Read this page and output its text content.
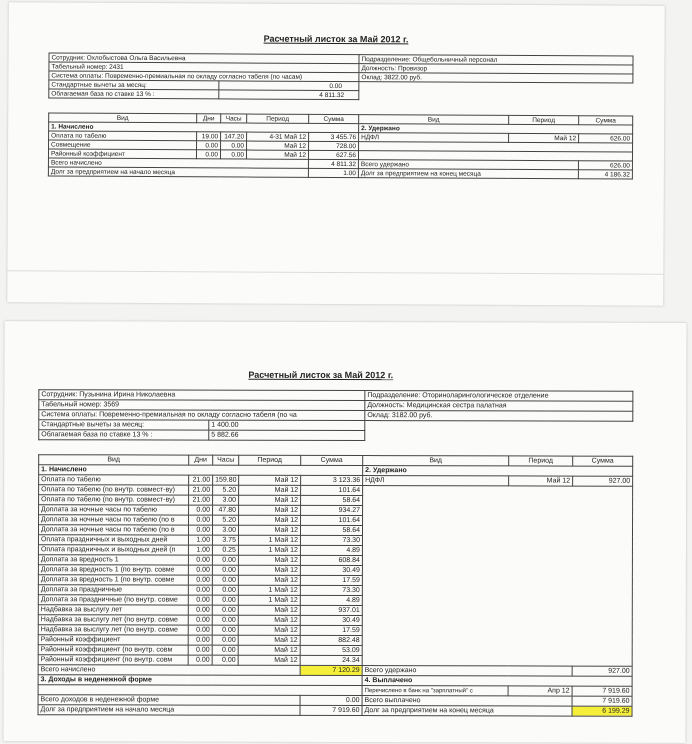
Расчетный листок за Май 2012 г.
Сотрудник: Охлобыстова Ольга Васильевна		Подразделение: Общебольничный персонал
Табельный номер: 2431		Должность: Провизор
Система оплаты: Повременно-премиальная по окладу согласно табеля (по часам)		Оклад: 3822.00 руб.
Стандартные вычеты за месяц:	0.00	
Облагаемая база по ставке 13 % :	4 811.32	
Вид	Дни	Часы	Период	Сумма	Вид	Период	Сумма
1. Начислено					2. Удержано		
Оплата по табелю	19.00	147.20	4-31 Май 12	3 455.76	НДФЛ	Май 12	626.00
Совмещение	0.00	0.00	Май 12	728.00			
Районный коэффициент	0.00	0.00	Май 12	627.56			
Всего начислено				4 811.32	Всего удержано		626.00
Долг за предприятием на начало месяца				1.00	Долг за предприятием на конец месяца		4 186.32
Расчетный листок за Май 2012 г.
Сотрудник: Пузынина Ирина Николаевна		Подразделение: Оториноларингологическое отделение
Табельный номер: 3569		Должность: Медицинская сестра палатная
Система оплаты: Повременно-премиальная по окладу согласно табеля (по ча		Оклад: 3182.00 руб.
Стандартные вычеты за месяц:	1 400.00	
Облагаемая база по ставке 13 % :	5 882.66	
Вид	Дни	Часы	Период	Сумма	Вид	Период	Сумма
1. Начислено					2. Удержано		
Оплата по табелю	21.00	159.80	Май 12	3 123.36	НДФЛ	Май 12	927.00
Оплата по табелю (по внутр. совмест-ву)	21.00	5.20	Май 12	101.64			
Оплата по табелю (по внутр. совмест-ву)	21.00	3.00	Май 12	58.64			
Доплата за ночные часы по табелю	0.00	47.80	Май 12	934.27			
Доплата за ночные часы по табелю (по в	0.00	5.20	Май 12	101.64			
Доплата за ночные часы по табелю (по в	0.00	3.00	Май 12	58.64			
Оплата праздничных и выходных дней	1.00	3.75	1 Май 12	73.30			
Оплата праздничных и выходных дней (п	1.00	0.25	1 Май 12	4.89			
Доплата за вредность 1	0.00	0.00	Май 12	608.84			
Доплата за вредность 1 (по внутр. совме	0.00	0.00	Май 12	30.49			
Доплата за вредность 1 (по внутр. совме	0.00	0.00	Май 12	17.59			
Доплата за праздничные	0.00	0.00	1 Май 12	73.30			
Доплата за праздничные (по внутр. совме	0.00	0.00	1 Май 12	4.89			
Надбавка за выслугу лет	0.00	0.00	Май 12	937.01			
Надбавка за выслугу лет (по внутр. совме	0.00	0.00	Май 12	30.49			
Надбавка за выслугу лет (по внутр. совме	0.00	0.00	Май 12	17.59			
Районный коэффициент	0.00	0.00	Май 12	882.48			
Районный коэффициент (по внутр. совм	0.00	0.00	Май 12	53.09			
Районный коэффициент (по внутр. совм	0.00	0.00	Май 12	24.34			
Всего начислено				7 120.29	Всего удержано		927.00
3. Доходы в неденежной форме					4. Выплачено		
					Перечислено в банк на "зарплатный" с	Апр 12	7 919.60
Всего доходов в неденежной форме				0.00	Всего выплачено		7 919.60
Долг за предприятием на начало месяца				7 919.60	Долг за предприятием на конец месяца		6 199.29
